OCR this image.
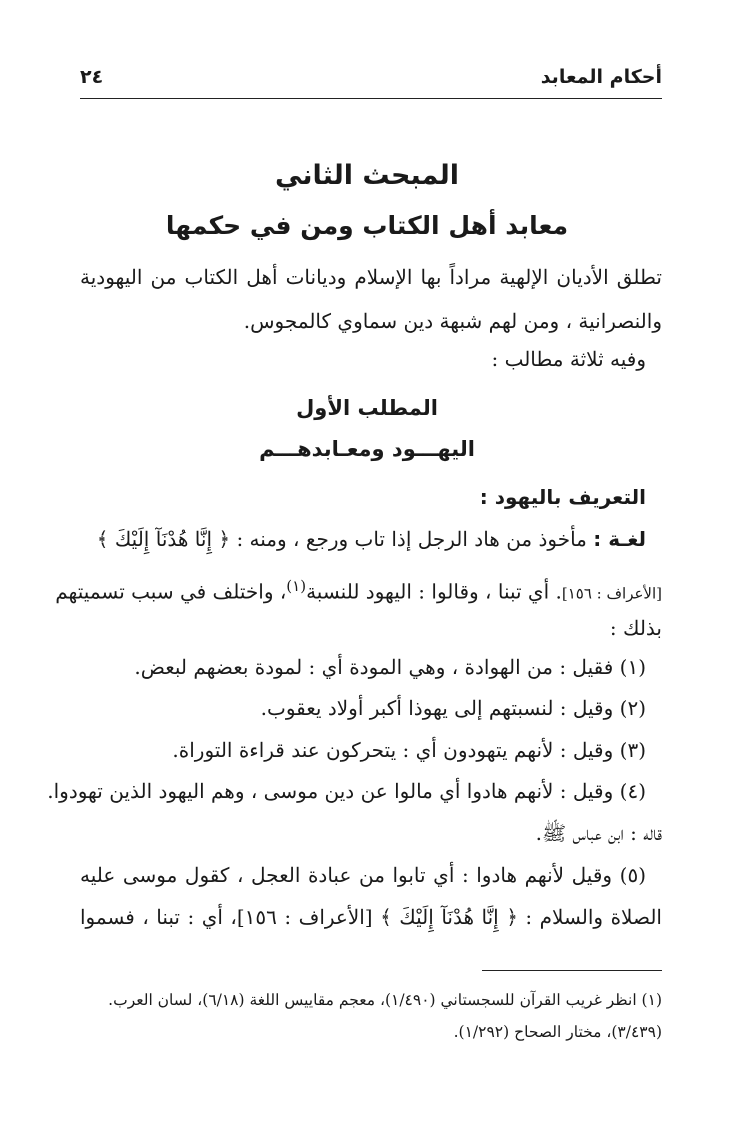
أحكام المعابد
٢٤
المبحث الثاني
معابد أهل الكتاب ومن في حكمها
تطلق الأديان الإلهية مراداً بها الإسلام وديانات أهل الكتاب من اليهودية
والنصرانية ، ومن لهم شبهة دين سماوي كالمجوس.
وفيه ثلاثة مطالب :
المطلب الأول
اليهـــود ومعـابدهـــم
التعريف باليهود :
لغـة : مأخوذ من هاد الرجل إذا تاب ورجع ، ومنه : ﴿ إِنَّا هُدْنَآ إِلَيْكَ ﴾
[الأعراف : ١٥٦]. أي تبنا ، وقالوا : اليهود للنسبة$^{(١)}$، واختلف في سبب تسميتهم
بذلك :
(١) فقيل : من الهوادة ، وهي المودة أي : لمودة بعضهم لبعض.
(٢) وقيل : لنسبتهم إلى يهوذا أكبر أولاد يعقوب.
(٣) وقيل : لأنهم يتهودون أي : يتحركون عند قراءة التوراة.
(٤) وقيل : لأنهم هادوا أي مالوا عن دين موسى ، وهم اليهود الذين تهودوا.
قاله : ابن عباس ﷺ.
(٥) وقيل لأنهم هادوا : أي تابوا من عبادة العجل ، كقول موسى عليه
الصلاة والسلام : ﴿ إِنَّا هُدْنَآ إِلَيْكَ ﴾ [الأعراف : ١٥٦]، أي : تبنا ، فسموا
(١) انظر غريب القرآن للسجستاني (١/٤٩٠)، معجم مقاييس اللغة (٦/١٨)، لسان العرب.
(٣/٤٣٩)، مختار الصحاح (١/٢٩٢).
